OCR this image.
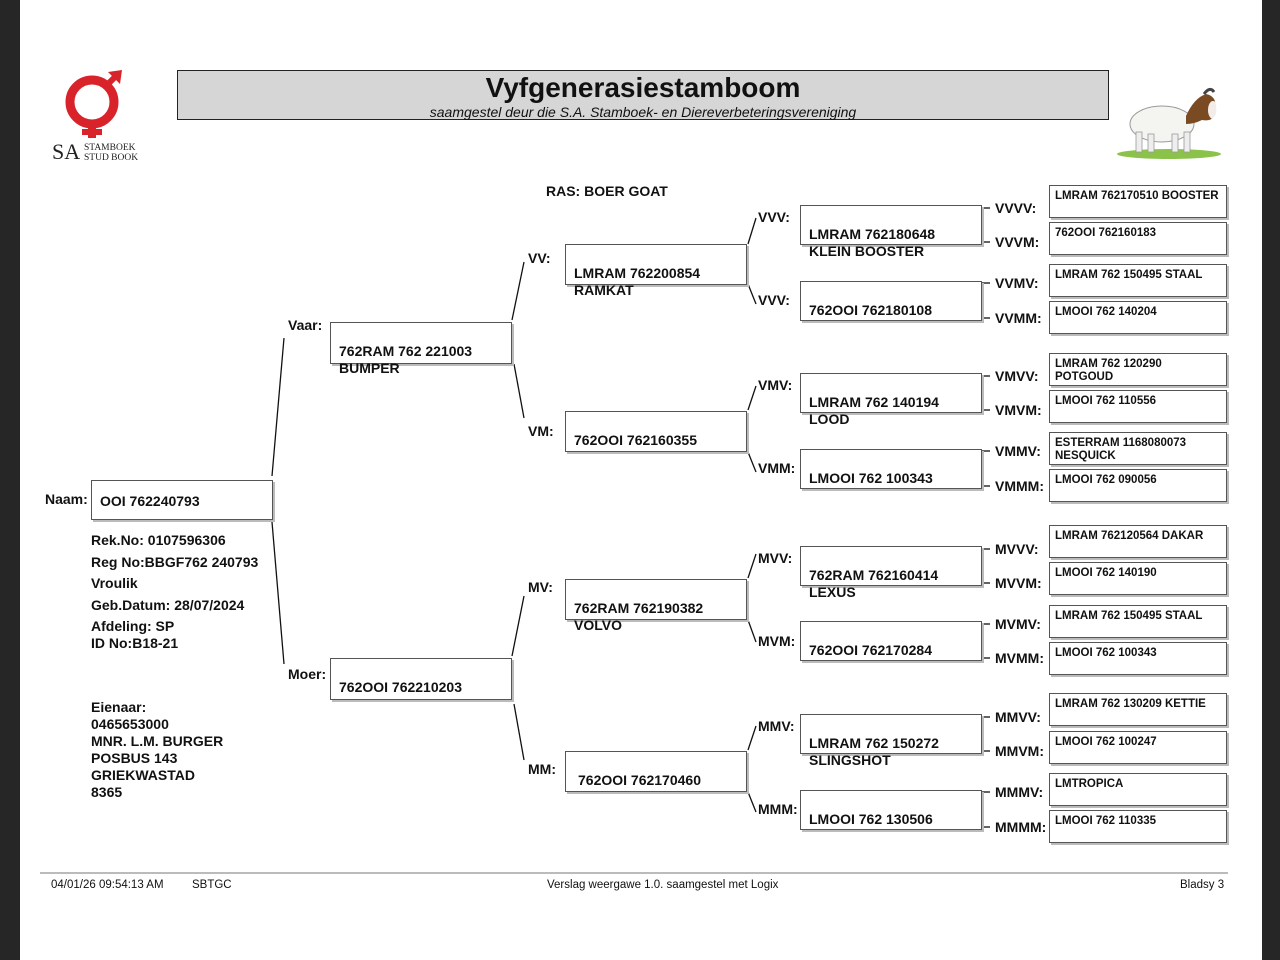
SA STAMBOEK
STUD BOOK
Vyfgenerasiestamboom
saamgestel deur die S.A. Stamboek- en Diereverbeteringsvereniging
RAS: BOER GOAT
Naam: OOI 762240793
Rek.No: 0107596306
Reg No:BBGF762 240793
Vroulik
Geb.Datum: 28/07/2024
Afdeling: SP
ID No:B18-21
Eienaar:
0465653000
MNR. L.M. BURGER
POSBUS 143
GRIEKWASTAD
8365
Vaar:

762RAM 762 221003
BUMPER

Moer:

762OOI 762210203

VV:

LMRAM 762200854
RAMKAT

VM:

762OOI 762160355

MV:

762RAM 762190382
VOLVO

MM:

762OOI 762170460

VVV:

LMRAM 762180648
KLEIN BOOSTER

VVV:

762OOI 762180108

VMV:

LMRAM 762 140194
LOOD

VMM:

LMOOI 762 100343

MVV:

762RAM 762160414
LEXUS

MVM:

762OOI 762170284

MMV:

LMRAM 762 150272
SLINGSHOT

MMM:

LMOOI 762 130506

VVVV:
LMRAM 762170510 BOOSTER
VVVM:
762OOI 762160183
VVMV:	LMRAM 762 150495 STAAL
VVMM:	LMOOI 762 140204
VMVV:
LMRAM 762 120290
POTGOUD
VMVM:
LMOOI 762 110556
VMMV:	ESTERRAM 1168080073
NESQUICK
VMMM: LMOOI 762 090056
MVVV:
LMRAM 762120564 DAKAR
MVVM:
LMOOI 762 140190
MVMV:	LMRAM 762 150495 STAAL
MVMM: LMOOI 762 100343
MMVV:
LMRAM 762 130209 KETTIE
MMVM:
LMOOI 762 100247
MMMV:	LMTROPICA
MMMM: LMOOI 762 110335
04/01/26 09:54:13 AM SBTGC	Verslag weergawe 1.0. saamgestel met Logix	Bladsy 3
